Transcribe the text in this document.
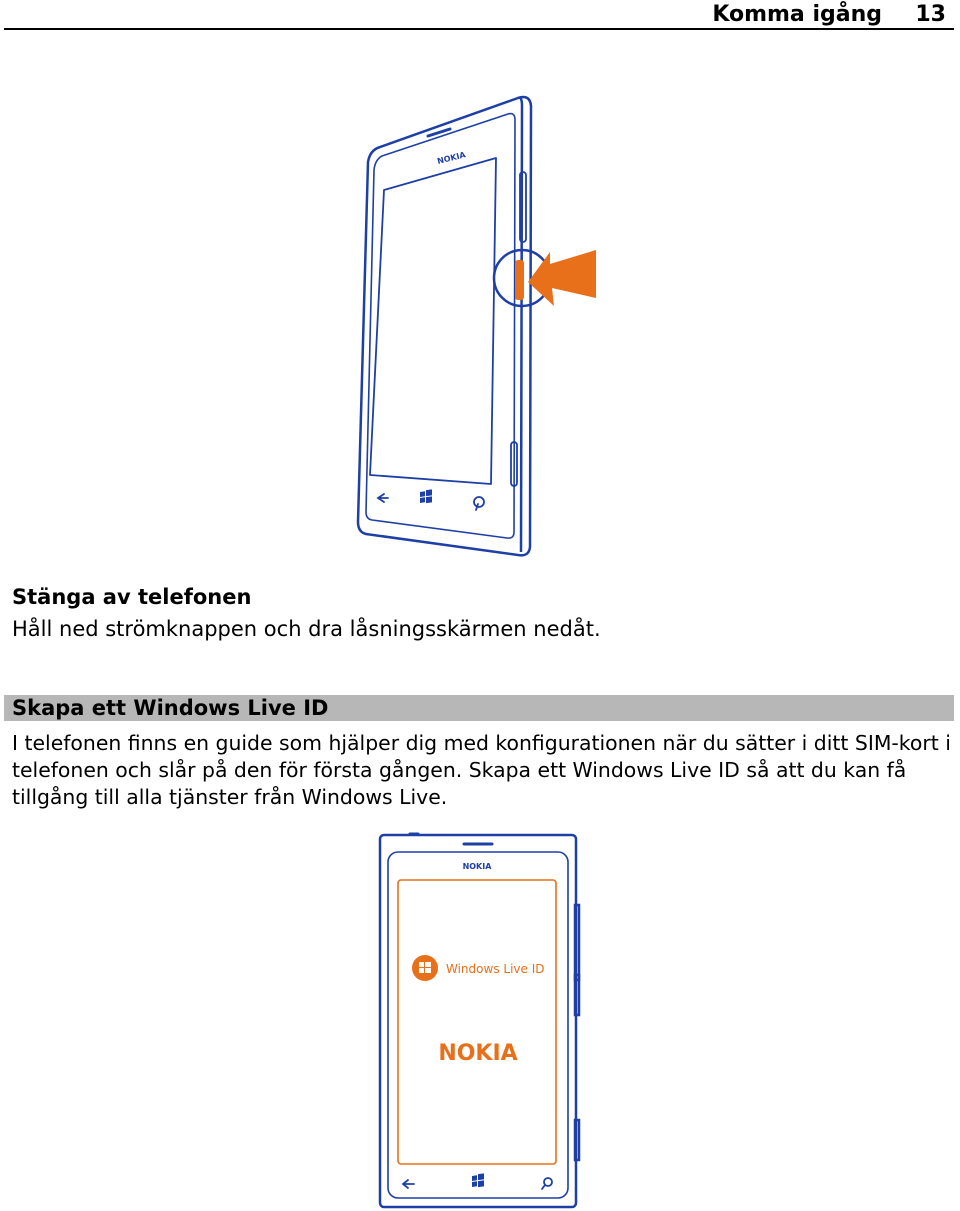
Komma igång 13
NOKIA
Stänga av telefonen
Håll ned strömknappen och dra låsningsskärmen nedåt.
Skapa ett Windows Live ID
I telefonen finns en guide som hjälper dig med konfigurationen när du sätter i ditt SIM-kort i telefonen och slår på den för första gången. Skapa ett Windows Live ID så att du kan få tillgång till alla tjänster från Windows Live.
NOKIA
Windows Live ID
NOKIA
